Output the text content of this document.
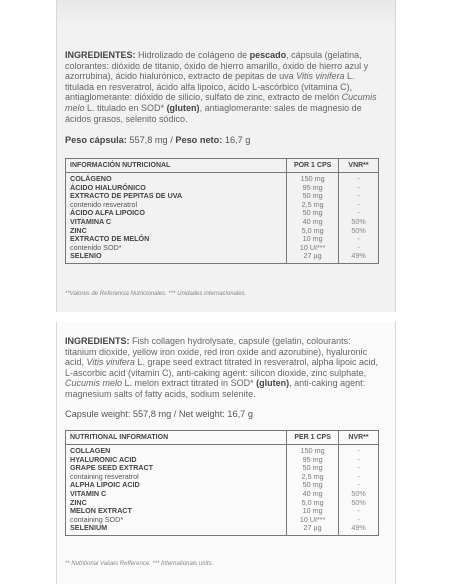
INGREDIENTES: Hidrolizado de colágeno de pescado, cápsula (gelatina, colorantes: dióxido de titanio, óxido de hierro amarillo, óxido de hierro azul y azorrubina), ácido hialurónico, extracto de pepitas de uva Vitis vinifera L. titulada en resveratrol, ácido alfa lipoico, ácido L-ascórbico (vitamina C), antiaglomerante: dióxido de silicio, sulfato de zinc, extracto de melón Cucumis melo L. titulado en SOD* (gluten), antiaglomerante: sales de magnesio de ácidos grasos, selenito sódico.
Peso cápsula: 557,8 mg / Peso neto: 16,7 g
INFORMACIÓN NUTRICIONAL	POR 1 CPS	VNR**
COLÁGENO	150 mg	-
ÁCIDO HIALURÓNICO	95 mg	-
EXTRACTO DE PEPITAS DE UVA	50 mg	-
contenido resveratrol	2,5 mg	-
ÁCIDO ALFA LIPOICO	50 mg	-
VITAMINA C	40 mg	50%
ZINC	5,0 mg	50%
EXTRACTO DE MELÓN	10 mg	-
contenido SOD*	10 UI***	-
SELENIO	27 µg	49%
**Valores de Referencia Nutricionales. *** Unidades internacionales.
INGREDIENTS: Fish collagen hydrolysate, capsule (gelatin, colourants: titanium dioxide, yellow iron oxide, red iron oxide and azorubine), hyaluronic acid, Vitis vinifera L. grape seed extract titrated in resveratrol, alpha lipoic acid, L-ascorbic acid (vitamin C), anti-caking agent: silicon dioxide, zinc sulphate, Cucumis melo L. melon extract titrated in SOD* (gluten), anti-caking agent: magnesium salts of fatty acids, sodium selenite.
Capsule weight: 557,8 mg / Net weight: 16,7 g
NUTRITIONAL INFORMATION	PER 1 CPS	NVR**
COLLAGEN	150 mg	-
HYALURONIC ACID	95 mg	-
GRAPE SEED EXTRACT	50 mg	-
containing resveratrol	2,5 mg	-
ALPHA LIPOIC ACID	50 mg	-
VITAMIN C	40 mg	50%
ZINC	5,0 mg	50%
MELON EXTRACT	10 mg	-
containing SOD*	10 UI***	-
SELENIUM	27 µg	49%
** Nutritional Values Refference. *** Internationals units.
